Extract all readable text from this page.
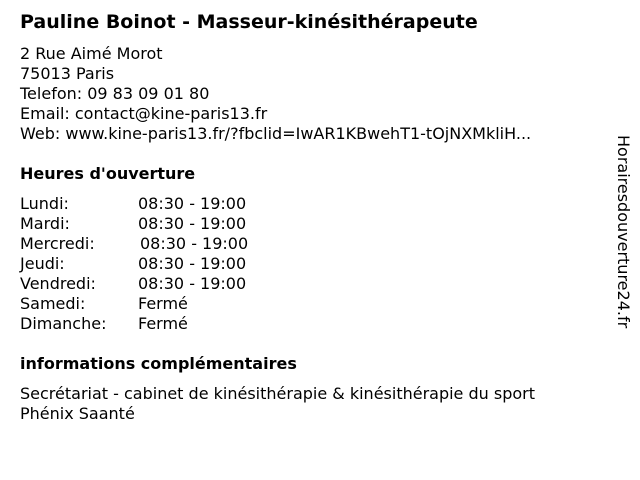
Pauline Boinot - Masseur-kinésithérapeute
2 Rue Aimé Morot
75013 Paris
Telefon: 09 83 09 01 80
Email: contact@kine-paris13.fr
Web: www.kine-paris13.fr/?fbclid=IwAR1KBwehT1-tOjNXMkliH...
Heures d'ouverture
Lundi:	08:30 - 19:00
Mardi:	08:30 - 19:00
Mercredi:	08:30 - 19:00
Jeudi:	08:30 - 19:00
Vendredi:	08:30 - 19:00
Samedi:	Fermé
Dimanche: Fermé
informations complémentaires
Secrétariat - cabinet de kinésithérapie & kinésithérapie du sport
Phénix Saanté
Horairesdouverture24.fr
